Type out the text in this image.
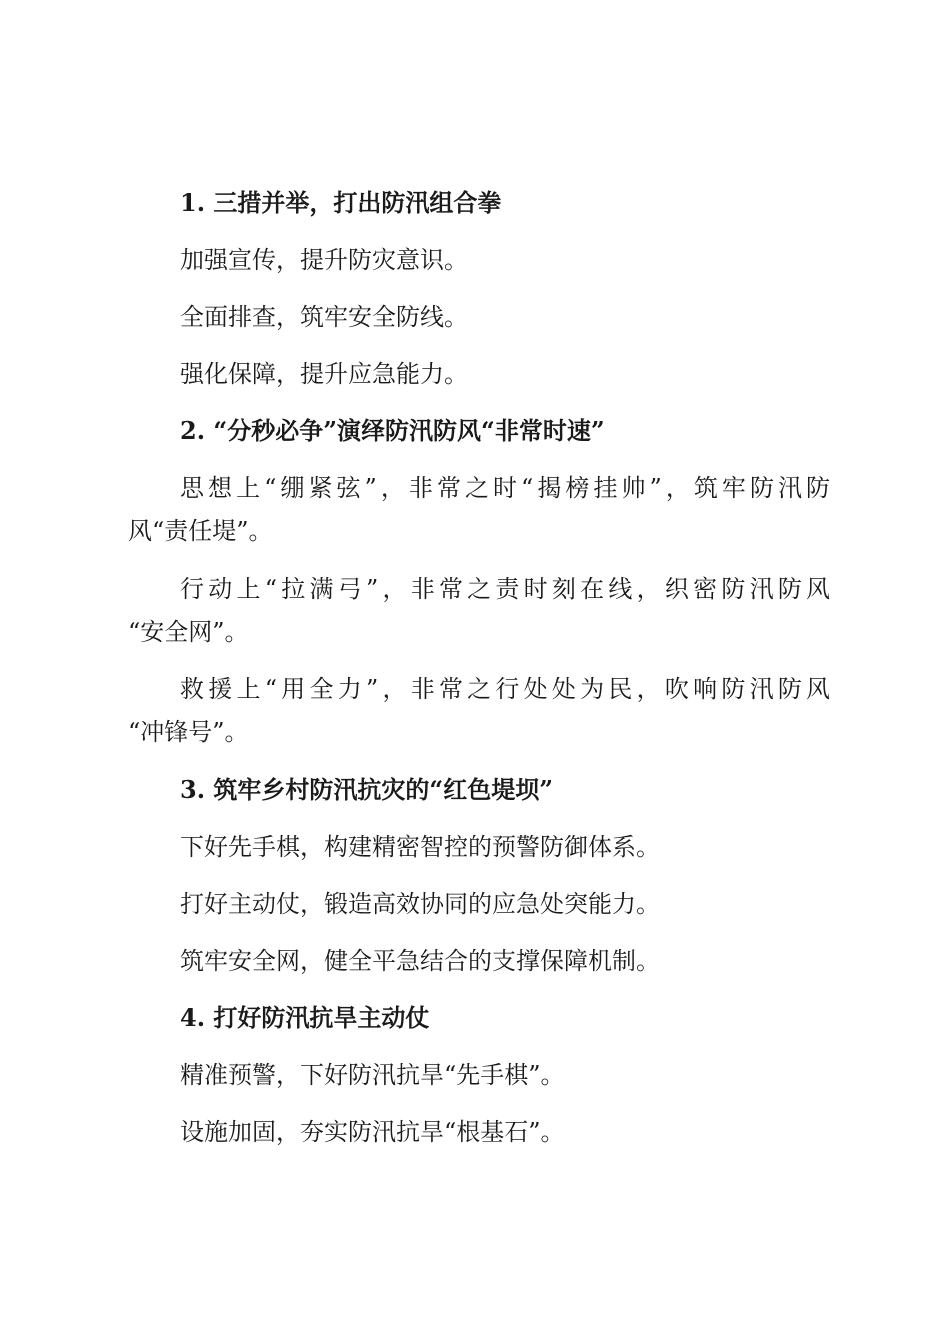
1. 三措并举，打出防汛组合拳
加强宣传，提升防灾意识。
全面排查，筑牢安全防线。
强化保障，提升应急能力。
2. “分秒必争”演绎防汛防风“非常时速”
思想上“绷紧弦”，非常之时“揭榜挂帅”，筑牢防汛防
风“责任堤”。
行动上“拉满弓”，非常之责时刻在线，织密防汛防风
“安全网”。
救援上“用全力”，非常之行处处为民，吹响防汛防风
“冲锋号”。
3. 筑牢乡村防汛抗灾的“红色堤坝”
下好先手棋，构建精密智控的预警防御体系。
打好主动仗，锻造高效协同的应急处突能力。
筑牢安全网，健全平急结合的支撑保障机制。
4. 打好防汛抗旱主动仗
精准预警，下好防汛抗旱“先手棋”。
设施加固，夯实防汛抗旱“根基石”。
